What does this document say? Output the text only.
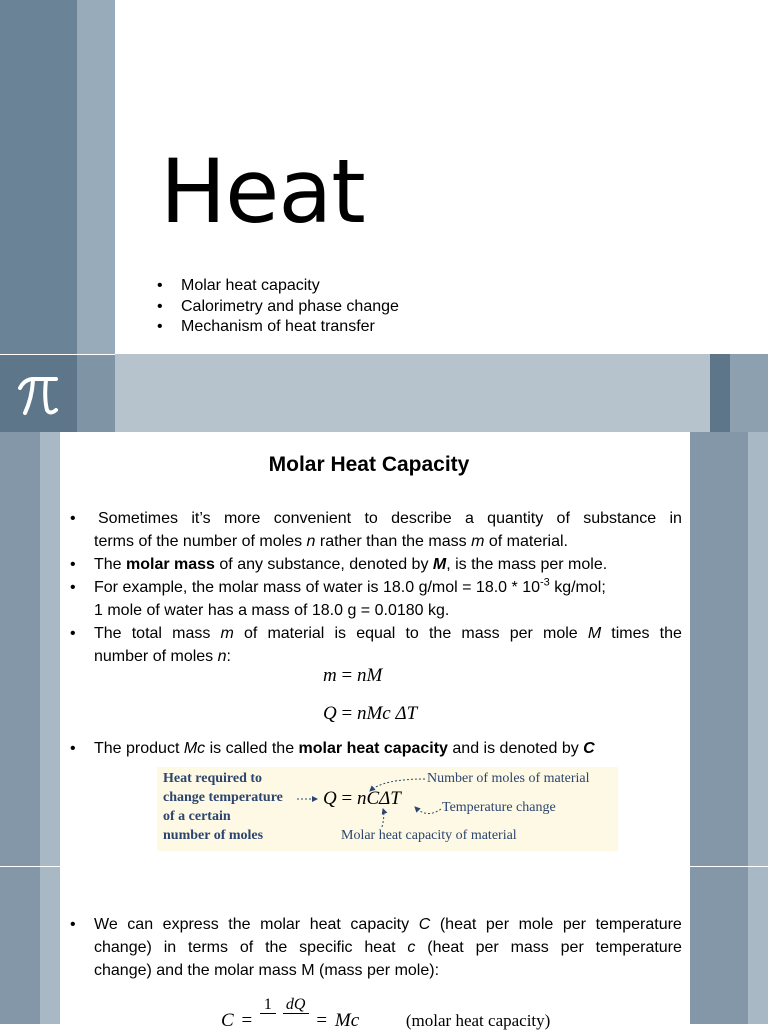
Heat
• Molar heat capacity
• Calorimetry and phase change
• Mechanism of heat transfer
Molar Heat Capacity
•	Sometimes it’s more convenient to describe a quantity of substance in
terms of the number of moles n rather than the mass m of material.
• The molar mass of any substance, denoted by M, is the mass per mole.
• For example, the molar mass of water is 18.0 $g/mol = 18.0 * 10^{-3}$ kg/mol;
1 mole of water has a mass of 18.0 g = 0.0180 kg.
•	The total mass m of material is equal to the mass per mole M times the
number of moles n:
m = nM
Q = nMc ΔT
• The product Mc is called the molar heat capacity and is denoted by C
Heat required to
change temperature
of a certain
number of moles
Q = nCΔT
Number of moles of material
Temperature change
Molar heat capacity of material
•	We can express the molar heat capacity C (heat per mole per temperature
change) in terms of the specific heat c (heat per mass per temperature
change) and the molar mass M (mass per mole):
C =
1
dQ
= Mc	(molar heat capacity)
